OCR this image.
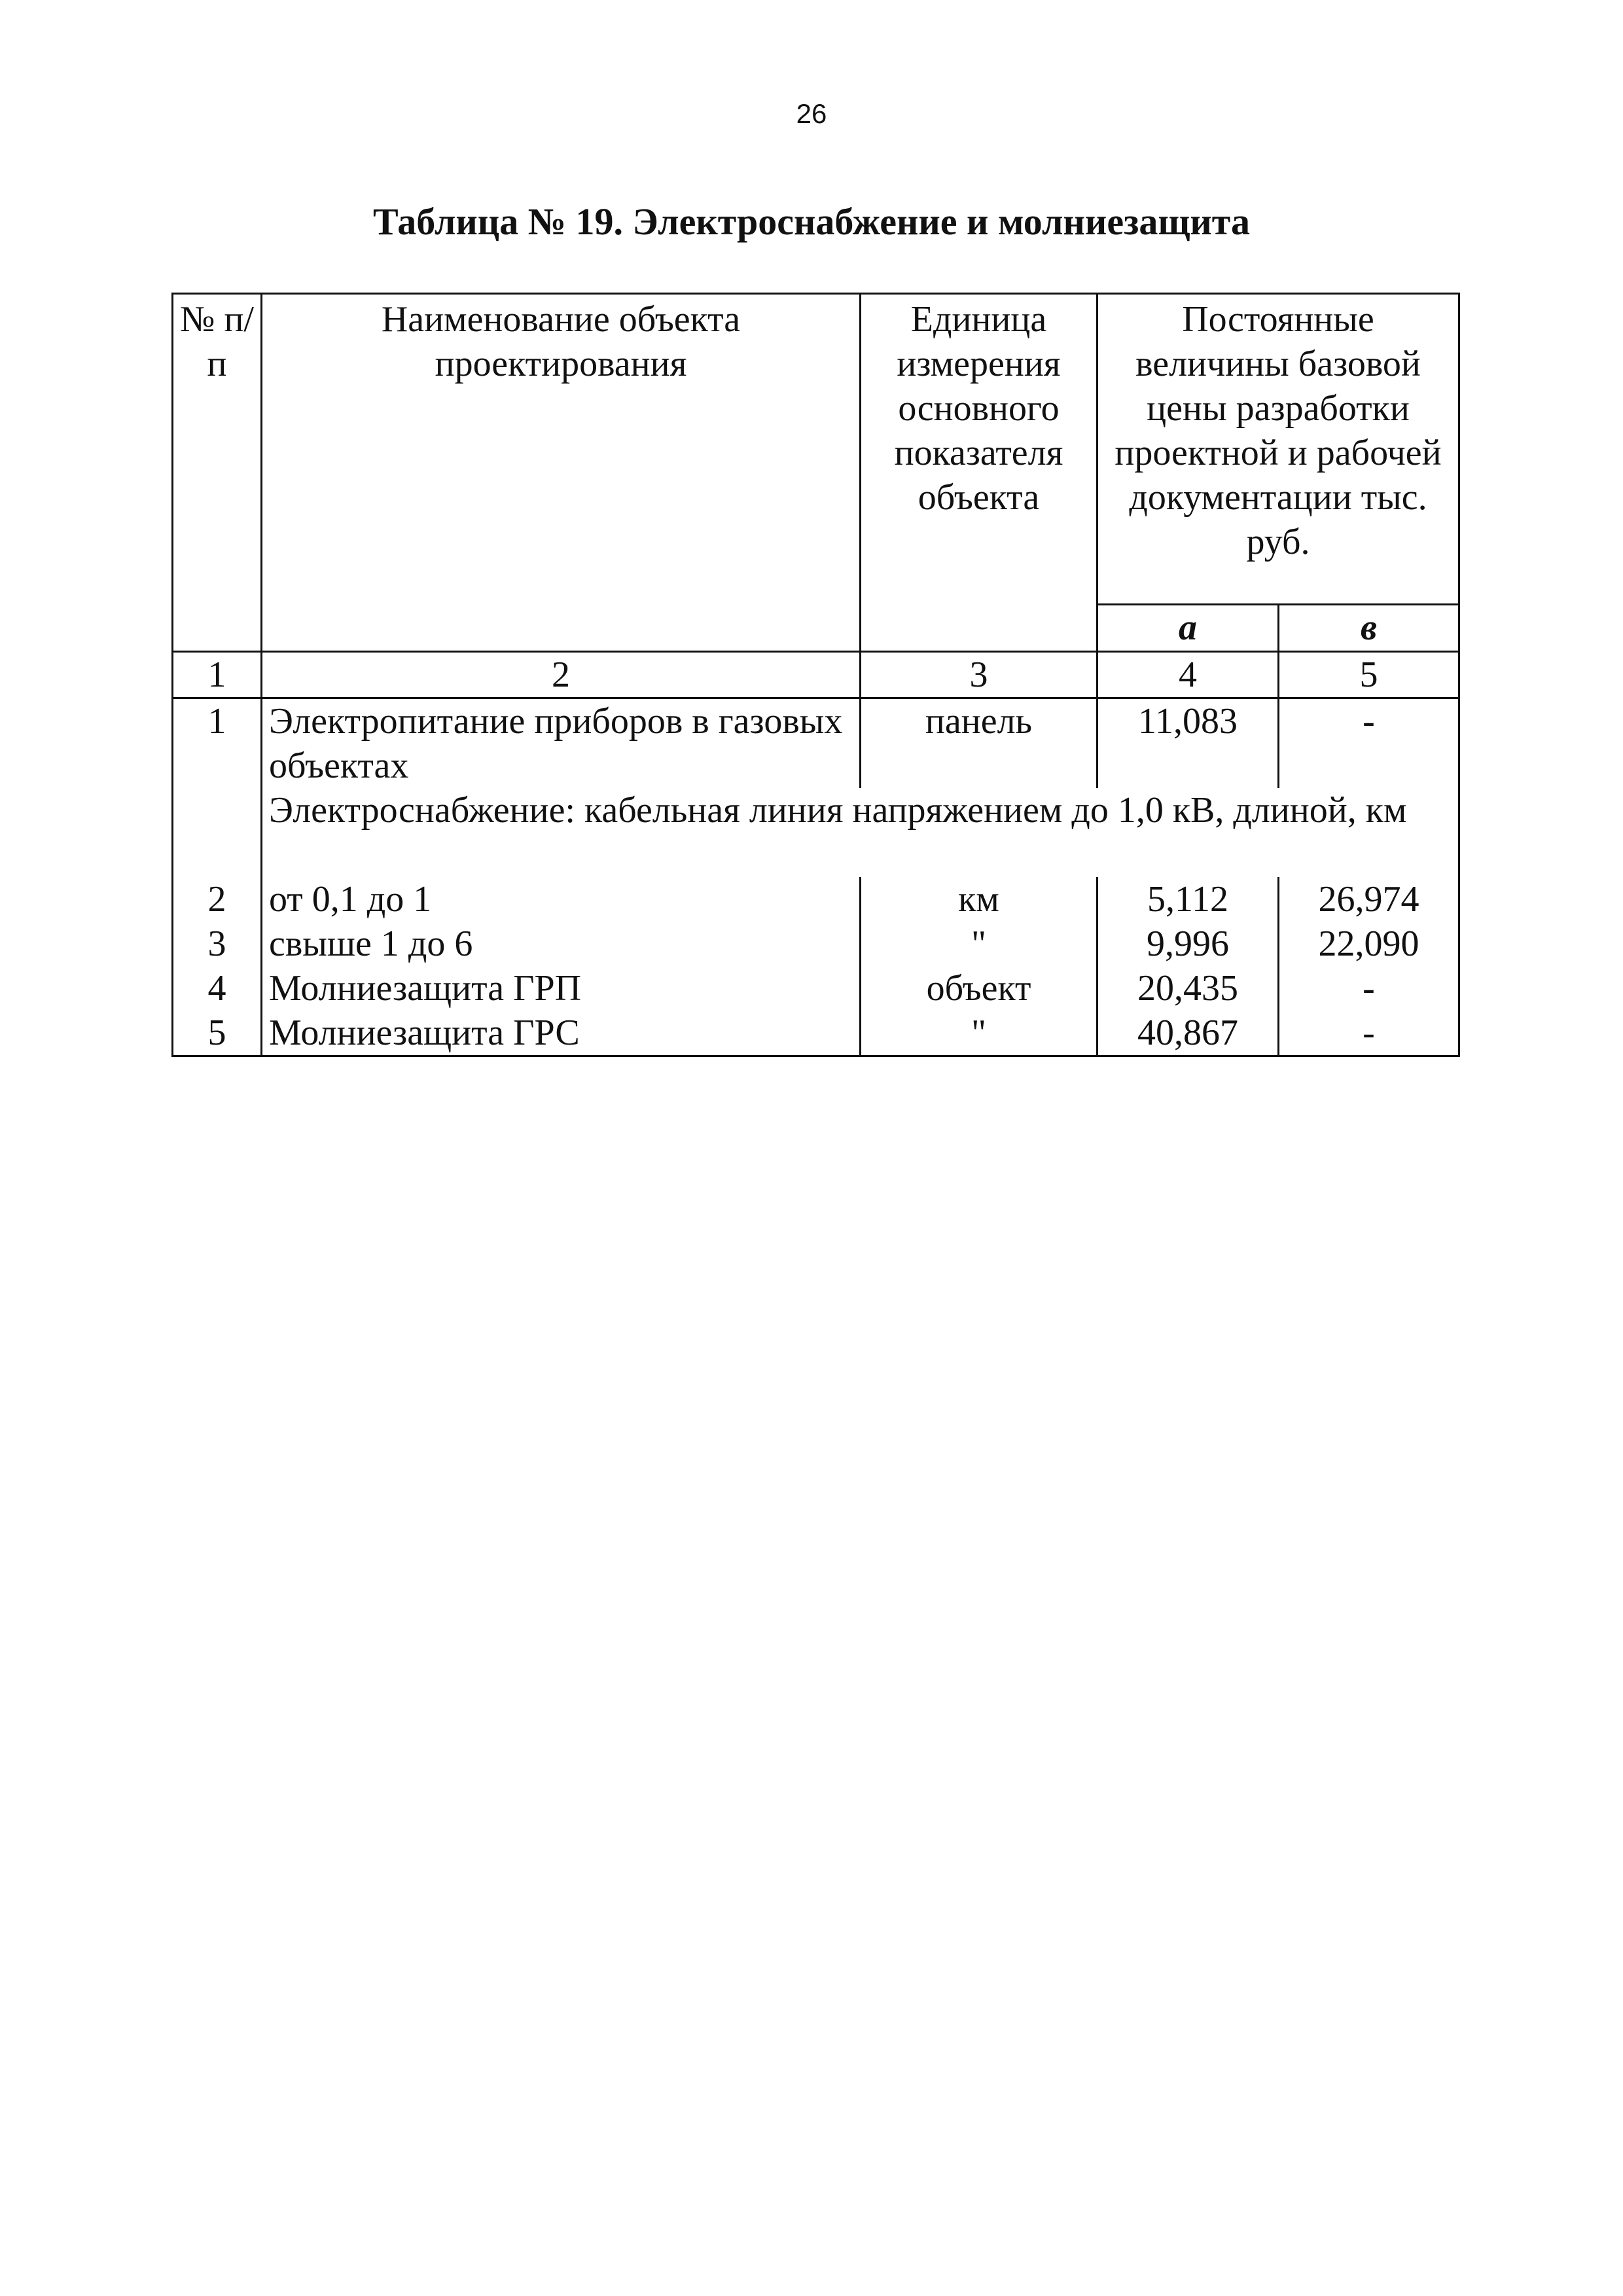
26
Таблица № 19. Электроснабжение и молниезащита
№ п/п	Наименование объекта проектирования	Единица измерения основного показателя объекта	Постоянные величины базовой цены разработки проектной и рабочей документации тыс. руб.	
			а	в
1	2	3	4	5
1	Электропитание приборов в газовых объектах	панель	11,083	-
	Электроснабжение: кабельная линия напряжением до 1,0 кВ, длиной, км			
2	от 0,1 до 1	км	5,112	26,974
3	свыше 1 до 6	"	9,996	22,090
4	Молниезащита ГРП	объект	20,435	-
5	Молниезащита ГРС	"	40,867	-
